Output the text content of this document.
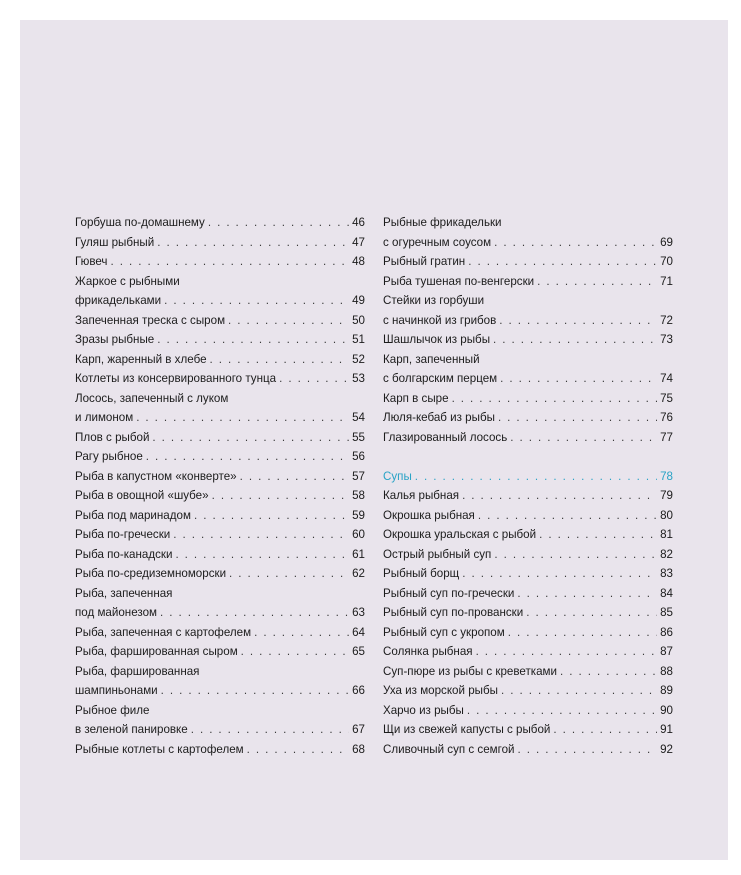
Горбуша по-домашнему . . .	46
Гуляш рыбный . . .	47
Гювеч . . .	48
Жаркое с рыбными
фрикадельками . . .	49
Запеченная треска с сыром . . .	50
Зразы рыбные . . .	51
Карп, жаренный в хлебе . . .	52
Котлеты из консервированного тунца . . .	53
Лосось, запеченный с луком
и лимоном . . .	54
Плов с рыбой . . .	55
Рагу рыбное . . .	56
Рыба в капустном «конверте» . . .	57
Рыба в овощной «шубе» . . .	58
Рыба под маринадом . . .	59
Рыба по-гречески . . .	60
Рыба по-канадски . . .	61
Рыба по-средиземноморски . . .	62
Рыба, запеченная
под майонезом . . .	63
Рыба, запеченная с картофелем . . .	64
Рыба, фаршированная сыром . . .	65
Рыба, фаршированная
шампиньонами . . .	66
Рыбное филе
в зеленой панировке . . .	67
Рыбные котлеты с картофелем . . .	68
Рыбные фрикадельки
с огуречным соусом . . .	69
Рыбный гратин . . .	70
Рыба тушеная по-венгерски . . .	71
Стейки из горбуши
с начинкой из грибов . . .	72
Шашлычок из рыбы . . .	73
Карп, запеченный
с болгарским перцем . . .	74
Карп в сыре . . .	75
Люля-кебаб из рыбы . . .	76
Глазированный лосось . . .	77
Супы . . .	78
Калья рыбная . . .	79
Окрошка рыбная . . .	80
Окрошка уральская с рыбой . . .	81
Острый рыбный суп . . .	82
Рыбный борщ . . .	83
Рыбный суп по-гречески . . .	84
Рыбный суп по-провански . . .	85
Рыбный суп с укропом . . .	86
Солянка рыбная . . .	87
Суп-пюре из рыбы с креветками . . .	88
Уха из морской рыбы . . .	89
Харчо из рыбы . . .	90
Щи из свежей капусты с рыбой . . .	91
Сливочный суп с семгой . . .	92
